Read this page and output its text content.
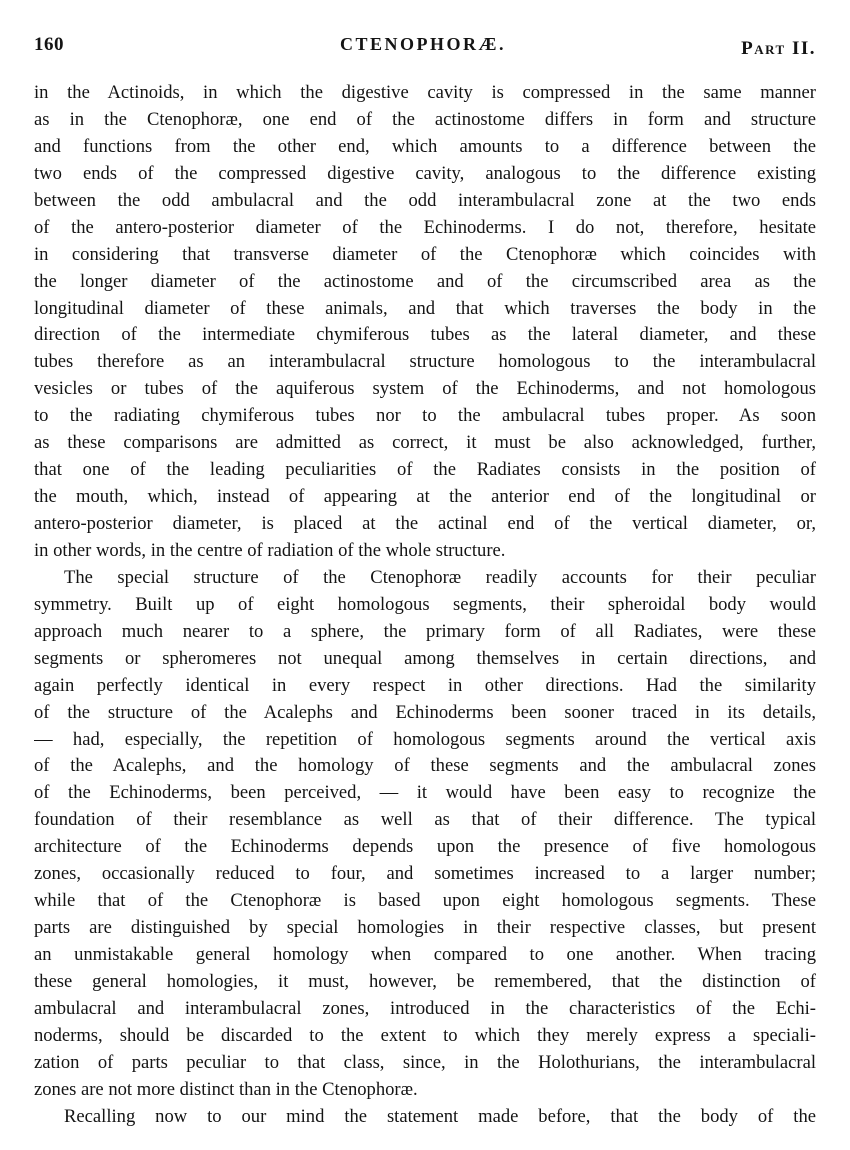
160	CTENOPHORÆ.	Part II.
in the Actinoids, in which the digestive cavity is compressed in the same manner
as in the Ctenophoræ, one end of the actinostome differs in form and structure
and functions from the other end, which amounts to a difference between the
two ends of the compressed digestive cavity, analogous to the difference existing
between the odd ambulacral and the odd interambulacral zone at the two ends
of the antero-posterior diameter of the Echinoderms. I do not, therefore, hesitate
in considering that transverse diameter of the Ctenophoræ which coincides with
the longer diameter of the actinostome and of the circumscribed area as the
longitudinal diameter of these animals, and that which traverses the body in the
direction of the intermediate chymiferous tubes as the lateral diameter, and these
tubes therefore as an interambulacral structure homologous to the interambulacral
vesicles or tubes of the aquiferous system of the Echinoderms, and not homologous
to the radiating chymiferous tubes nor to the ambulacral tubes proper. As soon
as these comparisons are admitted as correct, it must be also acknowledged, further,
that one of the leading peculiarities of the Radiates consists in the position of
the mouth, which, instead of appearing at the anterior end of the longitudinal or
antero-posterior diameter, is placed at the actinal end of the vertical diameter, or,
in other words, in the centre of radiation of the whole structure.
The special structure of the Ctenophoræ readily accounts for their peculiar
symmetry. Built up of eight homologous segments, their spheroidal body would
approach much nearer to a sphere, the primary form of all Radiates, were these
segments or spheromeres not unequal among themselves in certain directions, and
again perfectly identical in every respect in other directions. Had the similarity
of the structure of the Acalephs and Echinoderms been sooner traced in its details,
— had, especially, the repetition of homologous segments around the vertical axis
of the Acalephs, and the homology of these segments and the ambulacral zones
of the Echinoderms, been perceived, — it would have been easy to recognize the
foundation of their resemblance as well as that of their difference. The typical
architecture of the Echinoderms depends upon the presence of five homologous
zones, occasionally reduced to four, and sometimes increased to a larger number;
while that of the Ctenophoræ is based upon eight homologous segments. These
parts are distinguished by special homologies in their respective classes, but present
an unmistakable general homology when compared to one another. When tracing
these general homologies, it must, however, be remembered, that the distinction of
ambulacral and interambulacral zones, introduced in the characteristics of the Echi-
noderms, should be discarded to the extent to which they merely express a speciali-
zation of parts peculiar to that class, since, in the Holothurians, the interambulacral
zones are not more distinct than in the Ctenophoræ.
Recalling now to our mind the statement made before, that the body of the
